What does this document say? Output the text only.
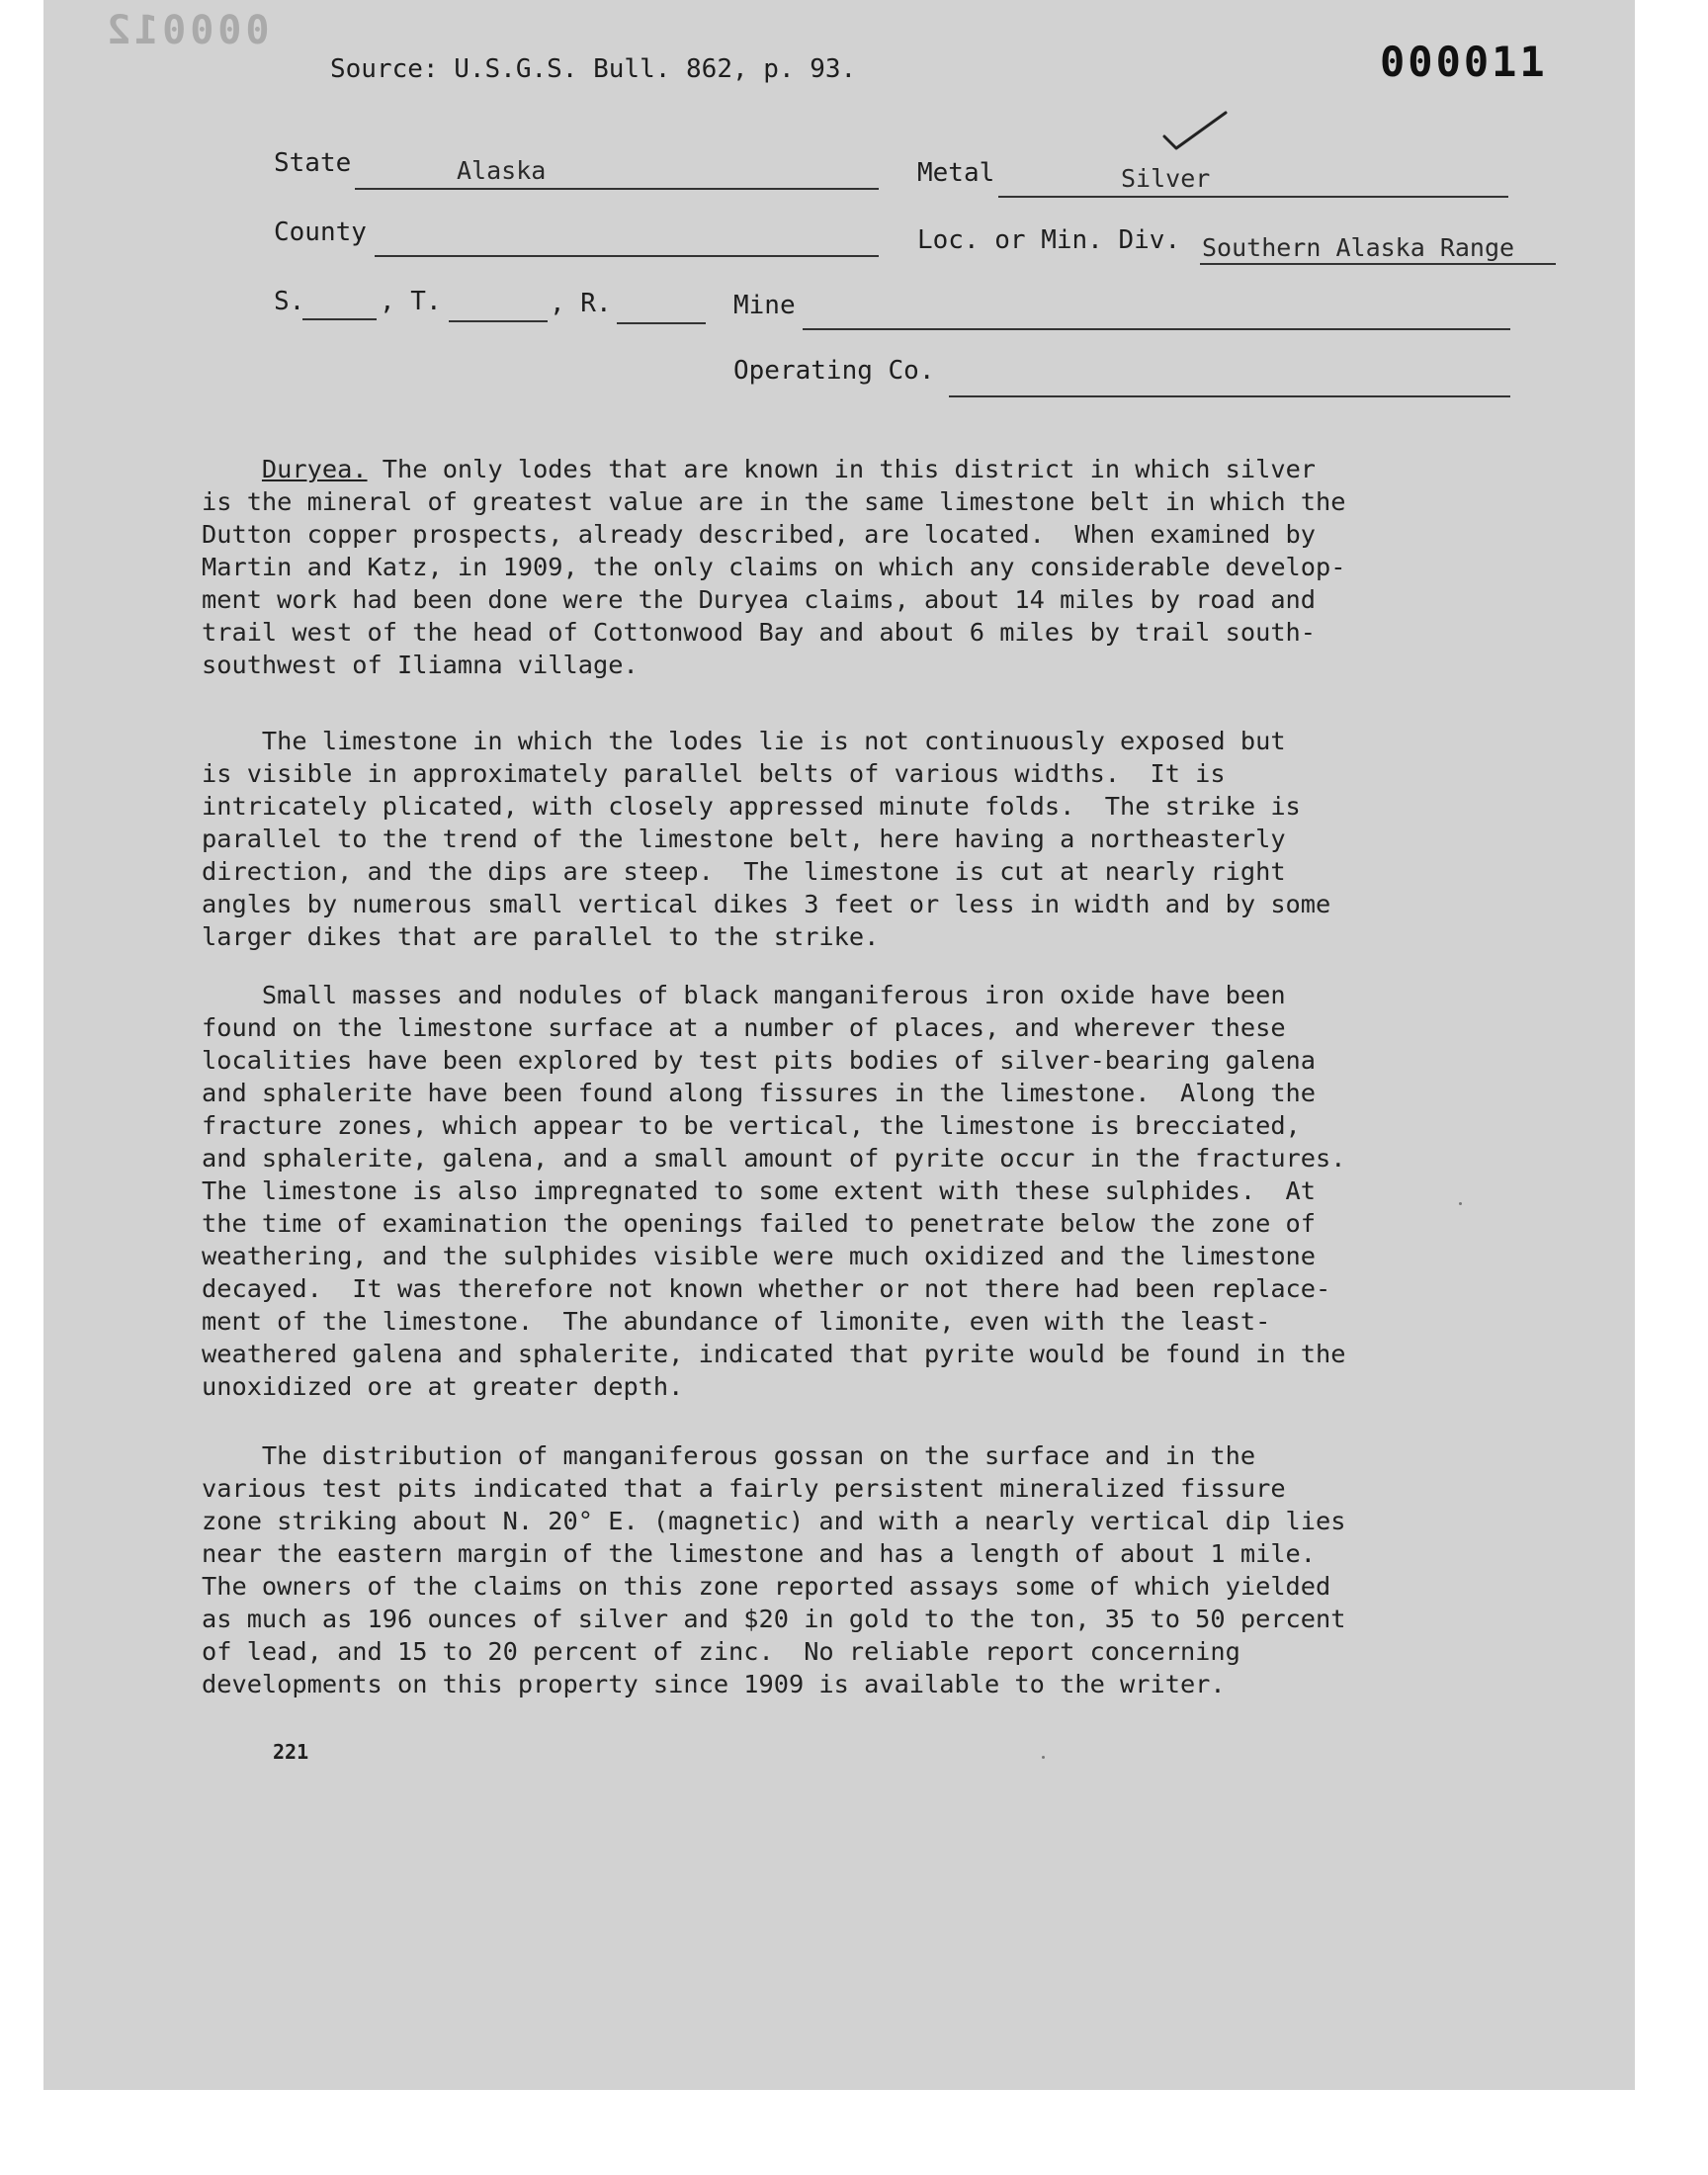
000012
Source: U.S.G.S. Bull. 862, p. 93.	000011
State	Alaska	Metal	Silver
County	Loc. or Min. Div. Southern Alaska Range
S.	, T.	, R.	Mine
Operating Co.
Duryea. The only lodes that are known in this district in which silver
is the mineral of greatest value are in the same limestone belt in which the
Dutton copper prospects, already described, are located.  When examined by
Martin and Katz, in 1909, the only claims on which any considerable develop-
ment work had been done were the Duryea claims, about 14 miles by road and
trail west of the head of Cottonwood Bay and about 6 miles by trail south-
southwest of Iliamna village.
The limestone in which the lodes lie is not continuously exposed but
is visible in approximately parallel belts of various widths.  It is
intricately plicated, with closely appressed minute folds.  The strike is
parallel to the trend of the limestone belt, here having a northeasterly
direction, and the dips are steep.  The limestone is cut at nearly right
angles by numerous small vertical dikes 3 feet or less in width and by some
larger dikes that are parallel to the strike.
Small masses and nodules of black manganiferous iron oxide have been
found on the limestone surface at a number of places, and wherever these
localities have been explored by test pits bodies of silver-bearing galena
and sphalerite have been found along fissures in the limestone.  Along the
fracture zones, which appear to be vertical, the limestone is brecciated,
and sphalerite, galena, and a small amount of pyrite occur in the fractures.
The limestone is also impregnated to some extent with these sulphides.  At
the time of examination the openings failed to penetrate below the zone of
weathering, and the sulphides visible were much oxidized and the limestone
decayed.  It was therefore not known whether or not there had been replace-
ment of the limestone.  The abundance of limonite, even with the least-
weathered galena and sphalerite, indicated that pyrite would be found in the
unoxidized ore at greater depth.
The distribution of manganiferous gossan on the surface and in the
various test pits indicated that a fairly persistent mineralized fissure
zone striking about N. 20° E. (magnetic) and with a nearly vertical dip lies
near the eastern margin of the limestone and has a length of about 1 mile.
The owners of the claims on this zone reported assays some of which yielded
as much as 196 ounces of silver and $20 in gold to the ton, 35 to 50 percent
of lead, and 15 to 20 percent of zinc.  No reliable report concerning
developments on this property since 1909 is available to the writer.
221
